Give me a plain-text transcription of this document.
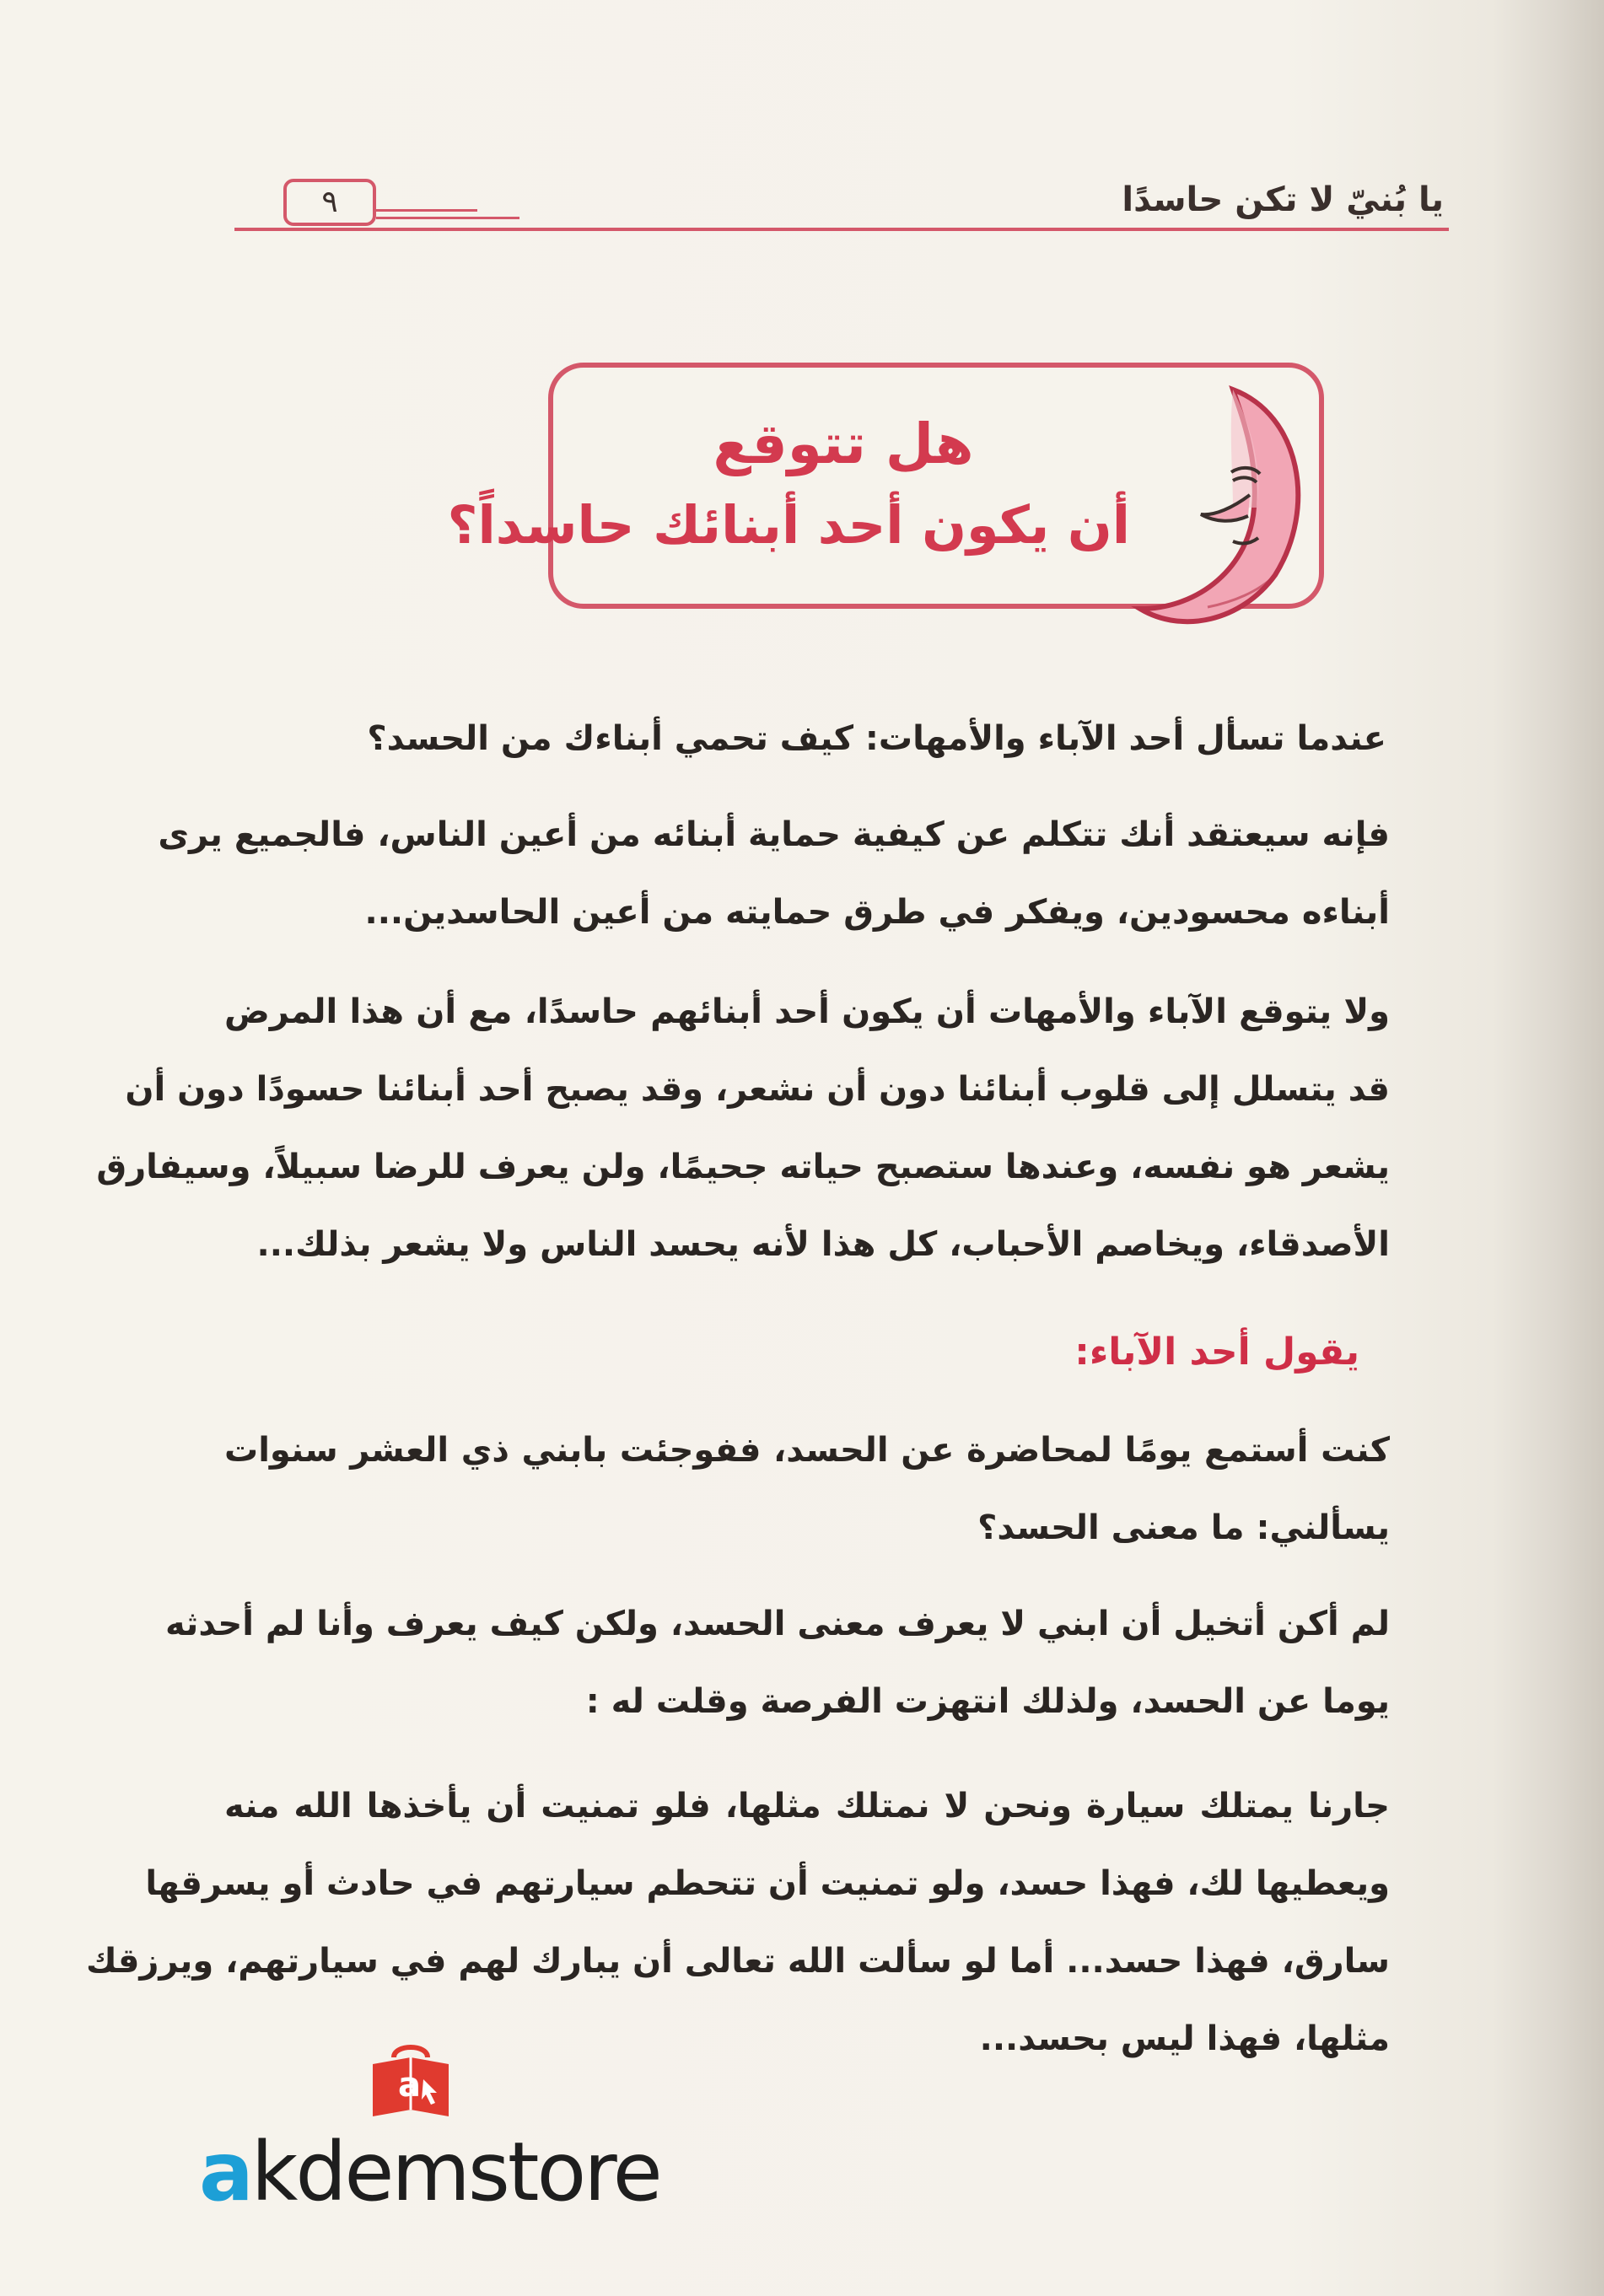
يا بُنيّ لا تكن حاسدًا
٩
هل تتوقع
أن يكون أحد أبنائك حاسداً؟
عندما تسأل أحد الآباء والأمهات: كيف تحمي أبناءك من الحسد؟
فإنه سيعتقد أنك تتكلم عن كيفية حماية أبنائه من أعين الناس، فالجميع يرى
أبناءه محسودين، ويفكر في طرق حمايته من أعين الحاسدين...
ولا يتوقع الآباء والأمهات أن يكون أحد أبنائهم حاسدًا، مع أن هذا المرض
قد يتسلل إلى قلوب أبنائنا دون أن نشعر، وقد يصبح أحد أبنائنا حسودًا دون أن
يشعر هو نفسه، وعندها ستصبح حياته جحيمًا، ولن يعرف للرضا سبيلاً، وسيفارق
الأصدقاء، ويخاصم الأحباب، كل هذا لأنه يحسد الناس ولا يشعر بذلك...
يقول أحد الآباء:
كنت أستمع يومًا لمحاضرة عن الحسد، ففوجئت بابني ذي العشر سنوات
يسألني: ما معنى الحسد؟
لم أكن أتخيل أن ابني لا يعرف معنى الحسد، ولكن كيف يعرف وأنا لم أحدثه
يوما عن الحسد، ولذلك انتهزت الفرصة وقلت له :
جارنا يمتلك سيارة ونحن لا نمتلك مثلها، فلو تمنيت أن يأخذها الله منه
ويعطيها لك، فهذا حسد، ولو تمنيت أن تتحطم سيارتهم في حادث أو يسرقها
سارق، فهذا حسد... أما لو سألت الله تعالى أن يبارك لهم في سيارتهم، ويرزقك
مثلها، فهذا ليس بحسد...
a
akdemstore
